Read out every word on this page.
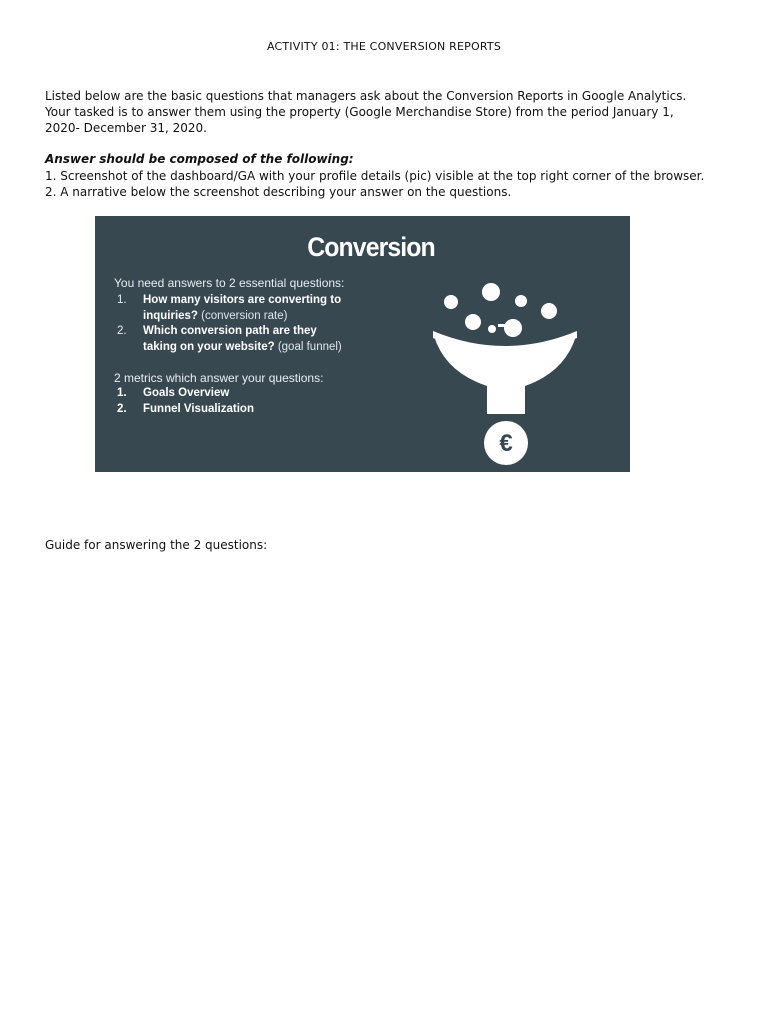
ACTIVITY 01: THE CONVERSION REPORTS
Listed below are the basic questions that managers ask about the Conversion Reports in Google Analytics.
Your tasked is to answer them using the property (Google Merchandise Store) from the period January 1,
2020- December 31, 2020.
Answer should be composed of the following:
1. Screenshot of the dashboard/GA with your profile details (pic) visible at the top right corner of the browser.
2. A narrative below the screenshot describing your answer on the questions.
Conversion
You need answers to 2 essential questions:
1. How many visitors are converting to
inquiries? (conversion rate)
2. Which conversion path are they
taking on your website? (goal funnel)
2 metrics which answer your questions:
1. Goals Overview
2. Funnel Visualization
€
Guide for answering the 2 questions:
